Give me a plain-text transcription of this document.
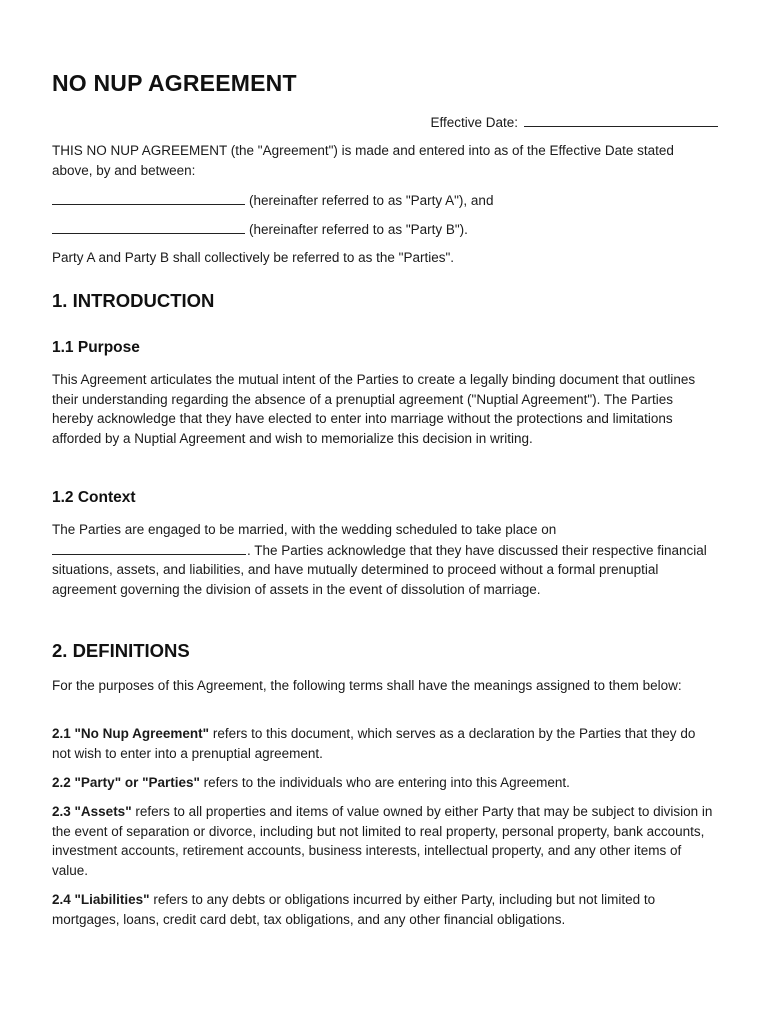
NO NUP AGREEMENT
Effective Date:

THIS NO NUP AGREEMENT (the "Agreement") is made and entered into as of the Effective Date stated above, by and between:

(hereinafter referred to as "Party A"), and

(hereinafter referred to as "Party B").

Party A and Party B shall collectively be referred to as the "Parties".

1. INTRODUCTION
1.1 Purpose

This Agreement articulates the mutual intent of the Parties to create a legally binding document that outlines their understanding regarding the absence of a prenuptial agreement ("Nuptial Agreement"). The Parties hereby acknowledge that they have elected to enter into marriage without the protections and limitations afforded by a Nuptial Agreement and wish to memorialize this decision in writing.

1.2 Context

The Parties are engaged to be married, with the wedding scheduled to take place on
. The Parties acknowledge that they have discussed their respective financial situations, assets, and liabilities, and have mutually determined to proceed without a formal prenuptial agreement governing the division of assets in the event of dissolution of marriage.

2. DEFINITIONS

For the purposes of this Agreement, the following terms shall have the meanings assigned to them below:

2.1 "No Nup Agreement" refers to this document, which serves as a declaration by the Parties that they do not wish to enter into a prenuptial agreement.

2.2 "Party" or "Parties" refers to the individuals who are entering into this Agreement.

2.3 "Assets" refers to all properties and items of value owned by either Party that may be subject to division in the event of separation or divorce, including but not limited to real property, personal property, bank accounts, investment accounts, retirement accounts, business interests, intellectual property, and any other items of value.

2.4 "Liabilities" refers to any debts or obligations incurred by either Party, including but not limited to mortgages, loans, credit card debt, tax obligations, and any other financial obligations.
